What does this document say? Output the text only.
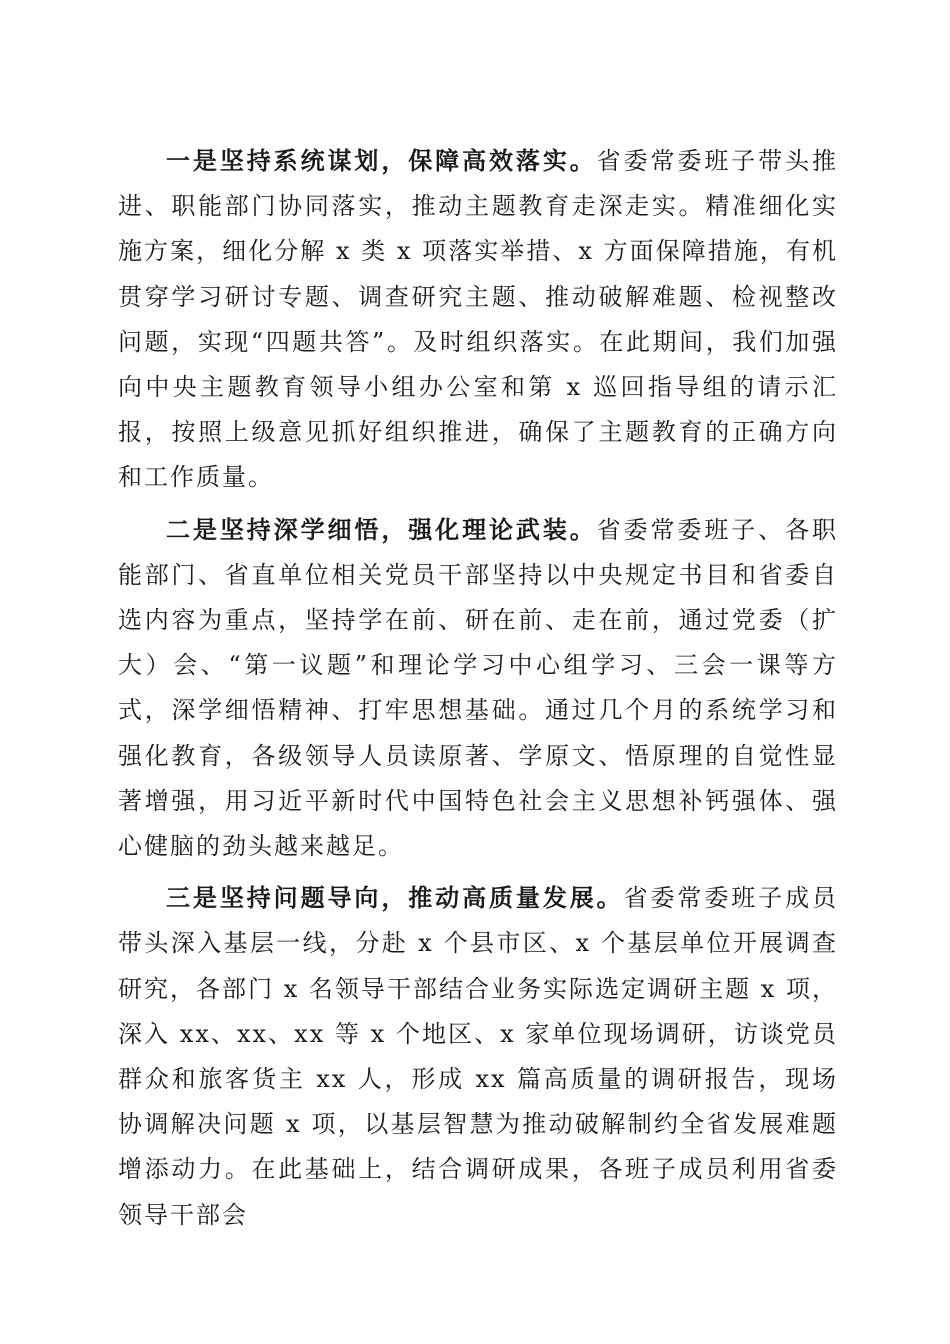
一是坚持系统谋划，保障高效落实。省委常委班子带头推进、职能部门协同落实，推动主题教育走深走实。精准细化实施方案，细化分解 x 类 x 项落实举措、x 方面保障措施，有机贯穿学习研讨专题、调查研究主题、推动破解难题、检视整改问题，实现“四题共答”。及时组织落实。在此期间，我们加强向中央主题教育领导小组办公室和第 x 巡回指导组的请示汇报，按照上级意见抓好组织推进，确保了主题教育的正确方向和工作质量。

二是坚持深学细悟，强化理论武装。省委常委班子、各职能部门、省直单位相关党员干部坚持以中央规定书目和省委自选内容为重点，坚持学在前、研在前、走在前，通过党委（扩大）会、“第一议题”和理论学习中心组学习、三会一课等方式，深学细悟精神、打牢思想基础。通过几个月的系统学习和强化教育，各级领导人员读原著、学原文、悟原理的自觉性显著增强，用习近平新时代中国特色社会主义思想补钙强体、强心健脑的劲头越来越足。

三是坚持问题导向，推动高质量发展。省委常委班子成员带头深入基层一线，分赴 x 个县市区、x 个基层单位开展调查研究，各部门 x 名领导干部结合业务实际选定调研主题 x 项，深入 xx、xx、xx 等 x 个地区、x 家单位现场调研，访谈党员群众和旅客货主 xx 人，形成 xx 篇高质量的调研报告，现场协调解决问题 x 项，以基层智慧为推动破解制约全省发展难题增添动力。在此基础上，结合调研成果，各班子成员利用省委领导干部会
